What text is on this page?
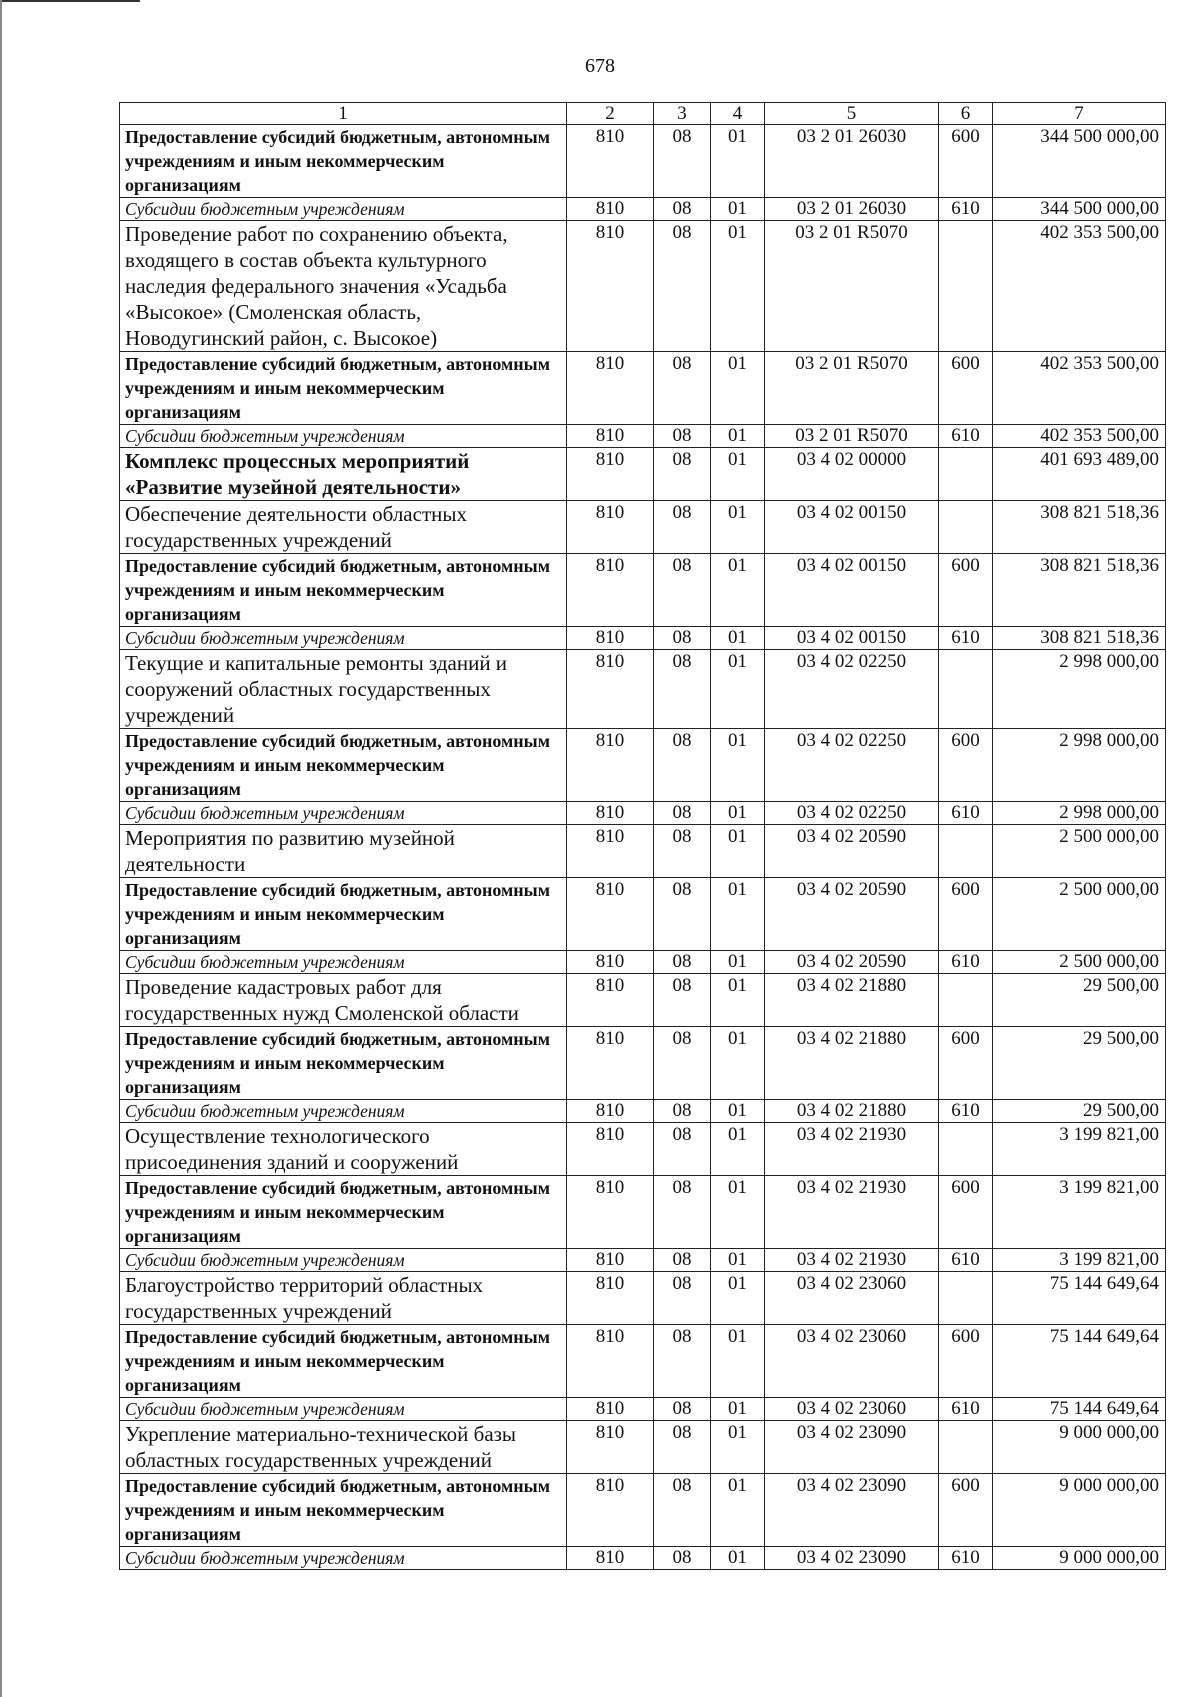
678
1	2	3	4	5	6	7
Предоставление субсидий бюджетным, автономным учреждениям и иным некоммерческим организациям	810	08	01	03 2 01 26030	600	344 500 000,00
Субсидии бюджетным учреждениям	810	08	01	03 2 01 26030	610	344 500 000,00
Проведение работ по сохранению объекта, входящего в состав объекта культурного наследия федерального значения «Усадьба «Высокое» (Смоленская область, Новодугинский район, с. Высокое)	810	08	01	03 2 01 R5070		402 353 500,00
Предоставление субсидий бюджетным, автономным учреждениям и иным некоммерческим организациям	810	08	01	03 2 01 R5070	600	402 353 500,00
Субсидии бюджетным учреждениям	810	08	01	03 2 01 R5070	610	402 353 500,00
Комплекс процессных мероприятий «Развитие музейной деятельности»	810	08	01	03 4 02 00000		401 693 489,00
Обеспечение деятельности областных государственных учреждений	810	08	01	03 4 02 00150		308 821 518,36
Предоставление субсидий бюджетным, автономным учреждениям и иным некоммерческим организациям	810	08	01	03 4 02 00150	600	308 821 518,36
Субсидии бюджетным учреждениям	810	08	01	03 4 02 00150	610	308 821 518,36
Текущие и капитальные ремонты зданий и сооружений областных государственных учреждений	810	08	01	03 4 02 02250		2 998 000,00
Предоставление субсидий бюджетным, автономным учреждениям и иным некоммерческим организациям	810	08	01	03 4 02 02250	600	2 998 000,00
Субсидии бюджетным учреждениям	810	08	01	03 4 02 02250	610	2 998 000,00
Мероприятия по развитию музейной деятельности	810	08	01	03 4 02 20590		2 500 000,00
Предоставление субсидий бюджетным, автономным учреждениям и иным некоммерческим организациям	810	08	01	03 4 02 20590	600	2 500 000,00
Субсидии бюджетным учреждениям	810	08	01	03 4 02 20590	610	2 500 000,00
Проведение кадастровых работ для государственных нужд Смоленской области	810	08	01	03 4 02 21880		29 500,00
Предоставление субсидий бюджетным, автономным учреждениям и иным некоммерческим организациям	810	08	01	03 4 02 21880	600	29 500,00
Субсидии бюджетным учреждениям	810	08	01	03 4 02 21880	610	29 500,00
Осуществление технологического присоединения зданий и сооружений	810	08	01	03 4 02 21930		3 199 821,00
Предоставление субсидий бюджетным, автономным учреждениям и иным некоммерческим организациям	810	08	01	03 4 02 21930	600	3 199 821,00
Субсидии бюджетным учреждениям	810	08	01	03 4 02 21930	610	3 199 821,00
Благоустройство территорий областных государственных учреждений	810	08	01	03 4 02 23060		75 144 649,64
Предоставление субсидий бюджетным, автономным учреждениям и иным некоммерческим организациям	810	08	01	03 4 02 23060	600	75 144 649,64
Субсидии бюджетным учреждениям	810	08	01	03 4 02 23060	610	75 144 649,64
Укрепление материально-технической базы областных государственных учреждений	810	08	01	03 4 02 23090		9 000 000,00
Предоставление субсидий бюджетным, автономным учреждениям и иным некоммерческим организациям	810	08	01	03 4 02 23090	600	9 000 000,00
Субсидии бюджетным учреждениям	810	08	01	03 4 02 23090	610	9 000 000,00
